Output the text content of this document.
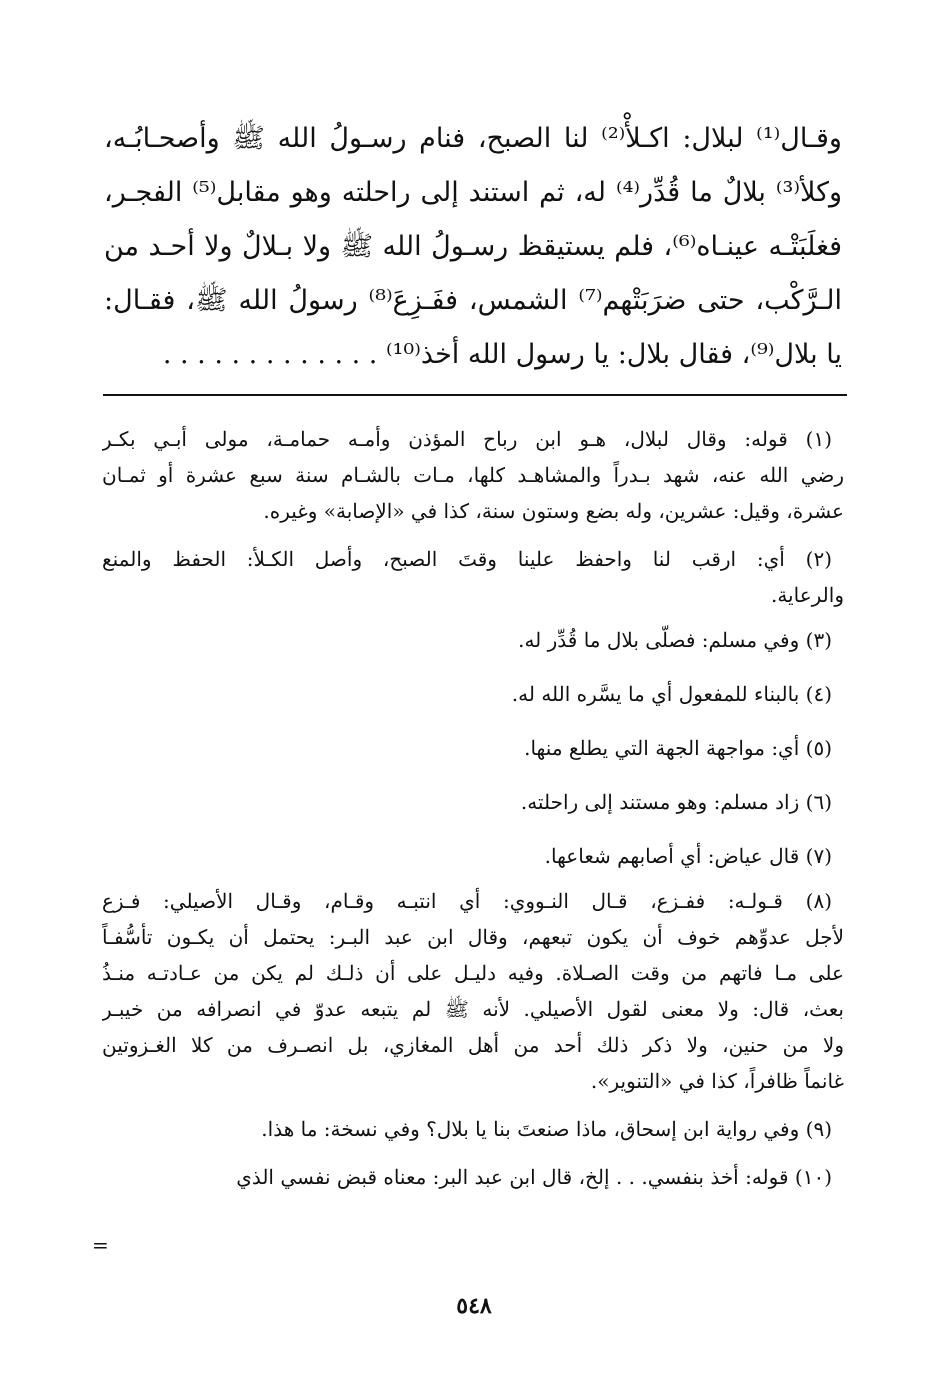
وقـال⁽¹⁾ لبلال: اكـلأْ⁽²⁾ لنا الصبح، فنام رسـولُ الله ﷺ وأصحـابُـه،
وكلأ⁽³⁾ بلالٌ ما قُدِّر⁽⁴⁾ له، ثم استند إلى راحلته وهو مقابل⁽⁵⁾ الفجـر،
فغلَبَتْـه عينـاه⁽⁶⁾، فلم يستيقظ رسـولُ الله ﷺ ولا بـلالٌ ولا أحـد من
الـرَّكْب، حتى ضرَبَتْهم⁽⁷⁾ الشمس، ففَـزِعَ⁽⁸⁾ رسولُ الله ﷺ، فقـال:
يا بلال⁽⁹⁾، فقال بلال: يا رسول الله أخذ⁽¹⁰⁾ . . . . . . . . . . . . .
(١) قوله: وقال لبلال، هـو ابن رباح المؤذن وأمـه حمامـة، مولى أبـي بكـر
رضي الله عنه، شهد بـدراً والمشاهـد كلها، مـات بالشـام سنة سبع عشرة أو ثمـان
عشرة، وقيل: عشرين، وله بضع وستون سنة، كذا في «الإصابة» وغيره.
(٢) أي: ارقب لنا واحفظ علينا وقتَ الصبح، وأصل الكـلأ: الحفظ والمنع
والرعاية.
(٣) وفي مسلم: فصلّى بلال ما قُدِّر له.
(٤) بالبناء للمفعول أي ما يسَّره الله له.
(٥) أي: مواجهة الجهة التي يطلع منها.
(٦) زاد مسلم: وهو مستند إلى راحلته.
(٧) قال عياض: أي أصابهم شعاعها.
(٨) قـولـه: ففـزع، قـال النـووي: أي انتبـه وقـام، وقـال الأصيلي: فـزع
لأجل عدوِّهم خوف أن يكون تبعهم، وقال ابن عبد البـر: يحتمل أن يكـون تأسُّفـاً
على مـا فاتهم من وقت الصـلاة. وفيه دليـل على أن ذلـك لم يكن من عـادتـه منـذُ
بعث، قال: ولا معنى لقول الأصيلي. لأنه ﷺ لم يتبعه عدوّ في انصرافه من خيبـر
ولا من حنين، ولا ذكر ذلك أحد من أهل المغازي، بل انصـرف من كلا الغـزوتين
غانماً ظافراً، كذا في «التنوير».
(٩) وفي رواية ابن إسحاق، ماذا صنعتَ بنا يا بلال؟ وفي نسخة: ما هذا.
(١٠) قوله: أخذ بنفسي. . . إلخ، قال ابن عبد البر: معناه قبض نفسي الذي
=
٥٤٨
